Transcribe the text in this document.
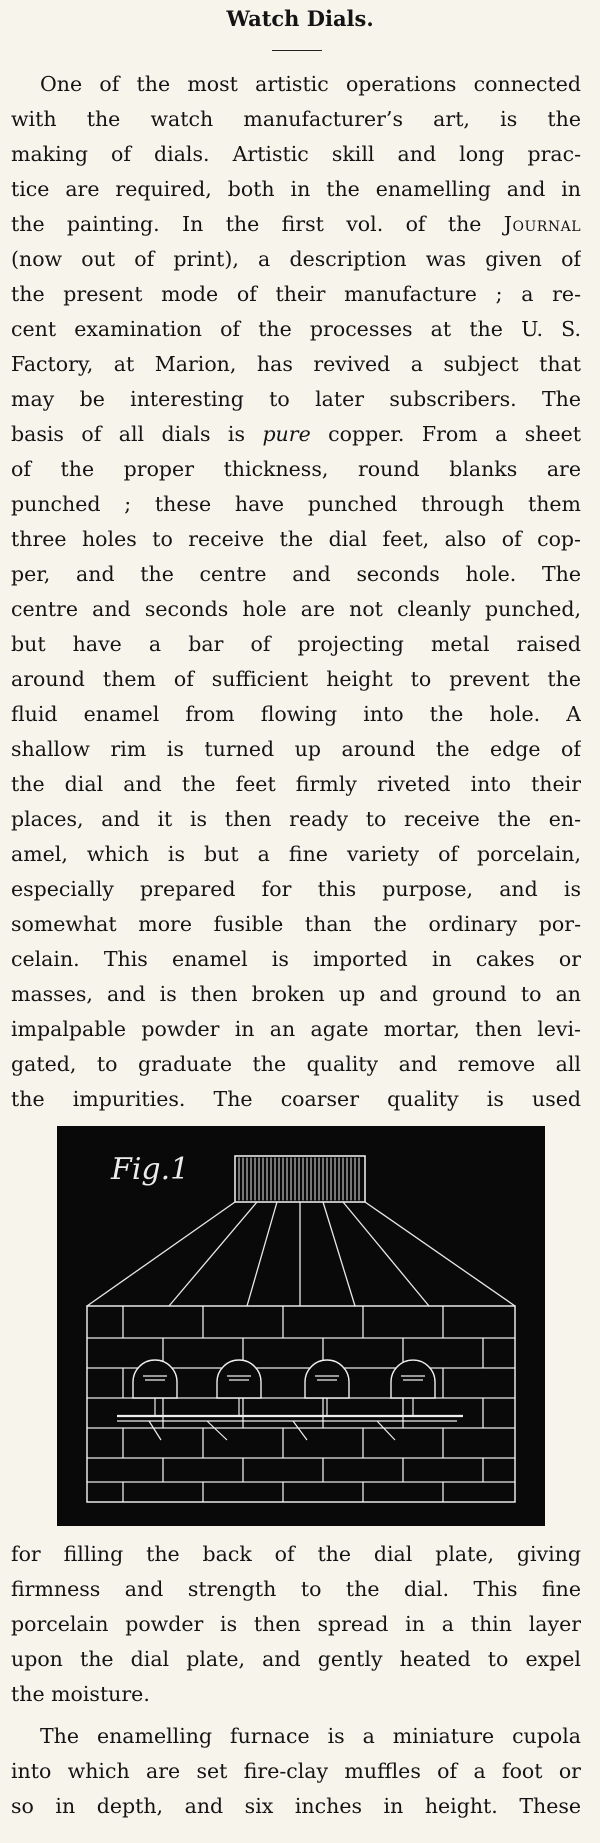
Watch Dials.
One of the most artistic operations connected
with the watch manufacturer’s art, is the
making of dials. Artistic skill and long prac-
tice are required, both in the enamelling and in
the painting. In the first vol. of the Journal
(now out of print), a description was given of
the present mode of their manufacture ; a re-
cent examination of the processes at the U. S.
Factory, at Marion, has revived a subject that
may be interesting to later subscribers. The
basis of all dials is pure copper. From a sheet
of the proper thickness, round blanks are
punched ; these have punched through them
three holes to receive the dial feet, also of cop-
per, and the centre and seconds hole. The
centre and seconds hole are not cleanly punched,
but have a bar of projecting metal raised
around them of sufficient height to prevent the
fluid enamel from flowing into the hole. A
shallow rim is turned up around the edge of
the dial and the feet firmly riveted into their
places, and it is then ready to receive the en-
amel, which is but a fine variety of porcelain,
especially prepared for this purpose, and is
somewhat more fusible than the ordinary por-
celain. This enamel is imported in cakes or
masses, and is then broken up and ground to an
impalpable powder in an agate mortar, then levi-
gated, to graduate the quality and remove all
the impurities. The coarser quality is used
Fig.1
for filling the back of the dial plate, giving
firmness and strength to the dial. This fine
porcelain powder is then spread in a thin layer
upon the dial plate, and gently heated to expel
the moisture.
The enamelling furnace is a miniature cupola
into which are set fire-clay muffles of a foot or
so in depth, and six inches in height. These
